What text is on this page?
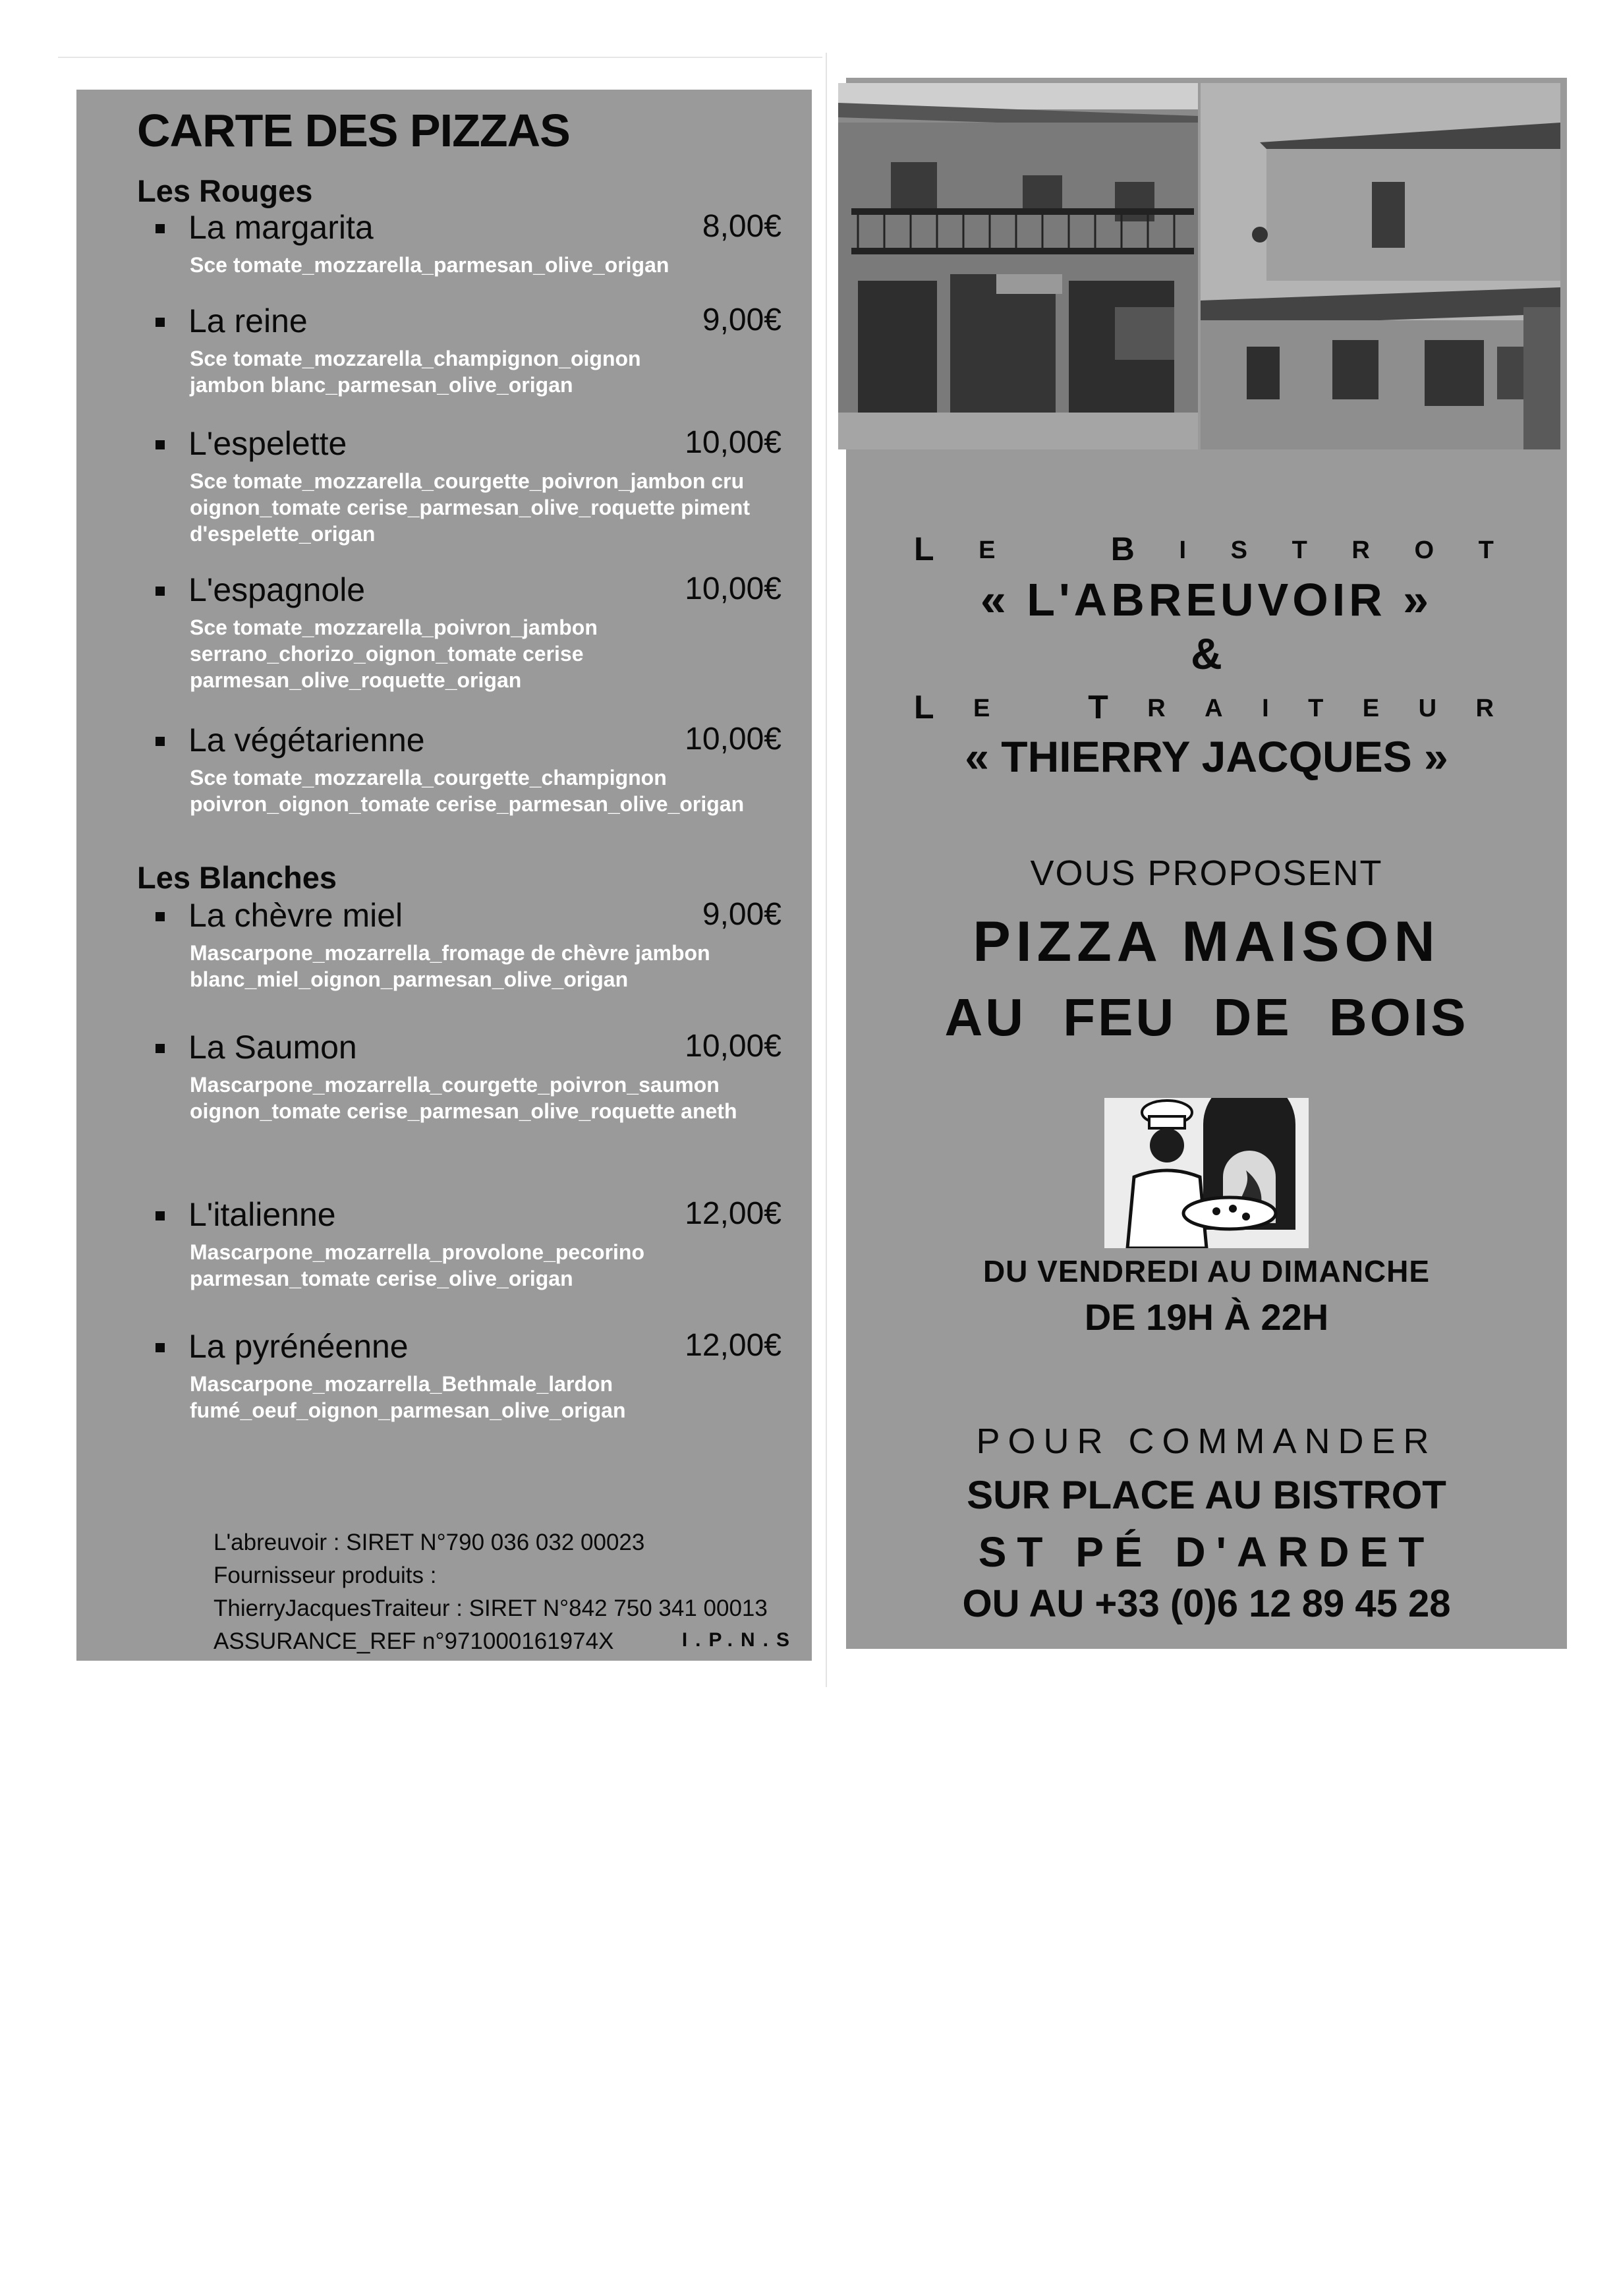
CARTE DES PIZZAS
Les Rouges
La margarita	8,00€
Sce tomate_mozzarella_parmesan_olive_origan
La reine	9,00€
Sce tomate_mozzarella_champignon_oignon jambon blanc_parmesan_olive_origan
L'espelette	10,00€
Sce tomate_mozzarella_courgette_poivron_jambon cru oignon_tomate cerise_parmesan_olive_roquette piment d'espelette_origan
L'espagnole	10,00€
Sce tomate_mozzarella_poivron_jambon serrano_chorizo_oignon_tomate cerise parmesan_olive_roquette_origan
La végétarienne	10,00€
Sce tomate_mozzarella_courgette_champignon poivron_oignon_tomate cerise_parmesan_olive_origan
Les Blanches
La chèvre miel	9,00€
Mascarpone_mozarrella_fromage de chèvre jambon blanc_miel_oignon_parmesan_olive_origan
La Saumon	10,00€
Mascarpone_mozarrella_courgette_poivron_saumon oignon_tomate cerise_parmesan_olive_roquette aneth
L'italienne	12,00€
Mascarpone_mozarrella_provolone_pecorino parmesan_tomate cerise_olive_origan
La pyrénéenne	12,00€
Mascarpone_mozarrella_Bethmale_lardon fumé_oeuf_oignon_parmesan_olive_origan
L'abreuvoir : SIRET N°790 036 032 00023
Fournisseur produits :
ThierryJacquesTraiteur : SIRET N°842 750 341 00013
ASSURANCE_REF n°971000161974X	I.P.N.S
L E	B I S T R O T
« L'ABREUVOIR »
&
L E	T R A I T E U R
« THIERRY JACQUES »
VOUS PROPOSENT
PIZZA MAISON
AU FEU DE BOIS
DU VENDREDI AU DIMANCHE
DE 19H À 22H
POUR COMMANDER
SUR PLACE AU BISTROT
ST PÉ D'ARDET
OU AU +33 (0)6 12 89 45 28
